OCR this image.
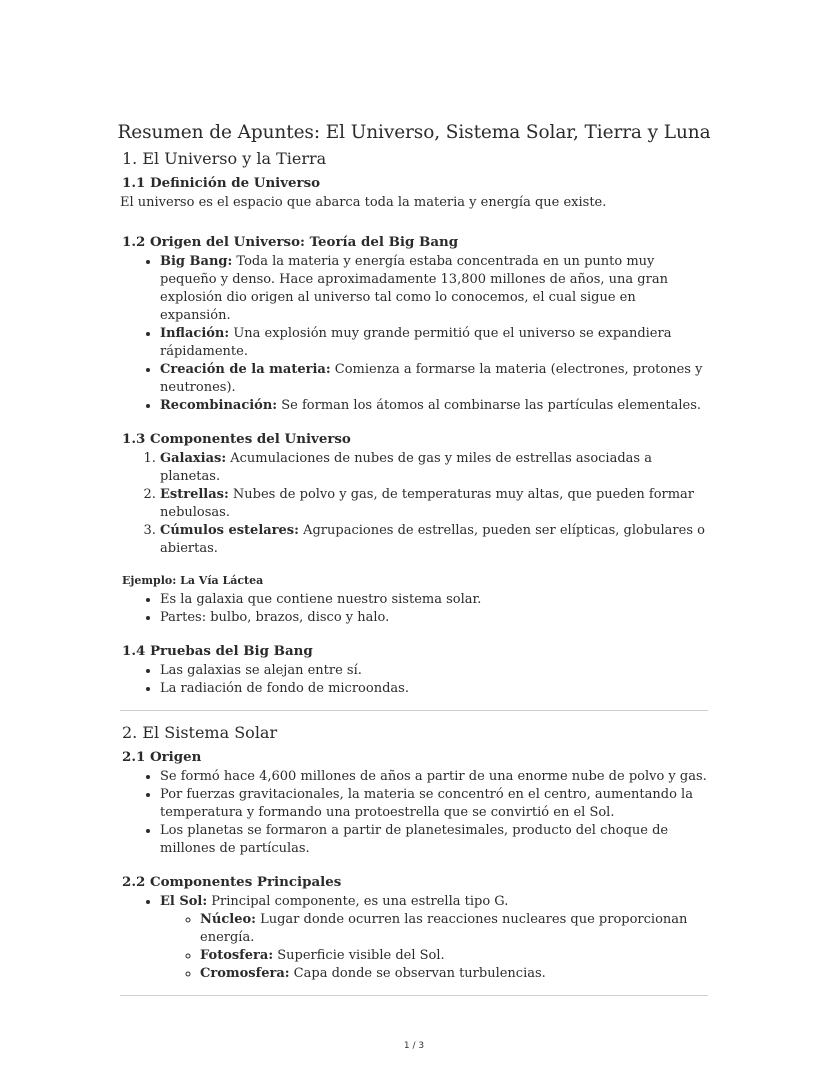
Resumen de Apuntes: El Universo, Sistema Solar, Tierra y Luna
1. El Universo y la Tierra
1.1 Definición de Universo

El universo es el espacio que abarca toda la materia y energía que existe.

1.2 Origen del Universo: Teoría del Big Bang
• Big Bang: Toda la materia y energía estaba concentrada en un punto muy pequeño y denso. Hace aproximadamente 13,800 millones de años, una gran explosión dio origen al universo tal como lo conocemos, el cual sigue en expansión.
• Inflación: Una explosión muy grande permitió que el universo se expandiera rápidamente.
• Creación de la materia: Comienza a formarse la materia (electrones, protones y neutrones).
• Recombinación: Se forman los átomos al combinarse las partículas elementales.
1.3 Componentes del Universo
1. Galaxias: Acumulaciones de nubes de gas y miles de estrellas asociadas a planetas.
2. Estrellas: Nubes de polvo y gas, de temperaturas muy altas, que pueden formar nebulosas.
3. Cúmulos estelares: Agrupaciones de estrellas, pueden ser elípticas, globulares o abiertas.
Ejemplo: La Vía Láctea
• Es la galaxia que contiene nuestro sistema solar.
• Partes: bulbo, brazos, disco y halo.
1.4 Pruebas del Big Bang
• Las galaxias se alejan entre sí.
• La radiación de fondo de microondas.
2. El Sistema Solar
2.1 Origen
• Se formó hace 4,600 millones de años a partir de una enorme nube de polvo y gas.
• Por fuerzas gravitacionales, la materia se concentró en el centro, aumentando la temperatura y formando una protoestrella que se convirtió en el Sol.
• Los planetas se formaron a partir de planetesimales, producto del choque de millones de partículas.
2.2 Componentes Principales
• El Sol: Principal componente, es una estrella tipo G.
◦ Núcleo: Lugar donde ocurren las reacciones nucleares que proporcionan energía.
◦ Fotosfera: Superficie visible del Sol.
◦ Cromosfera: Capa donde se observan turbulencias.
1 / 3
